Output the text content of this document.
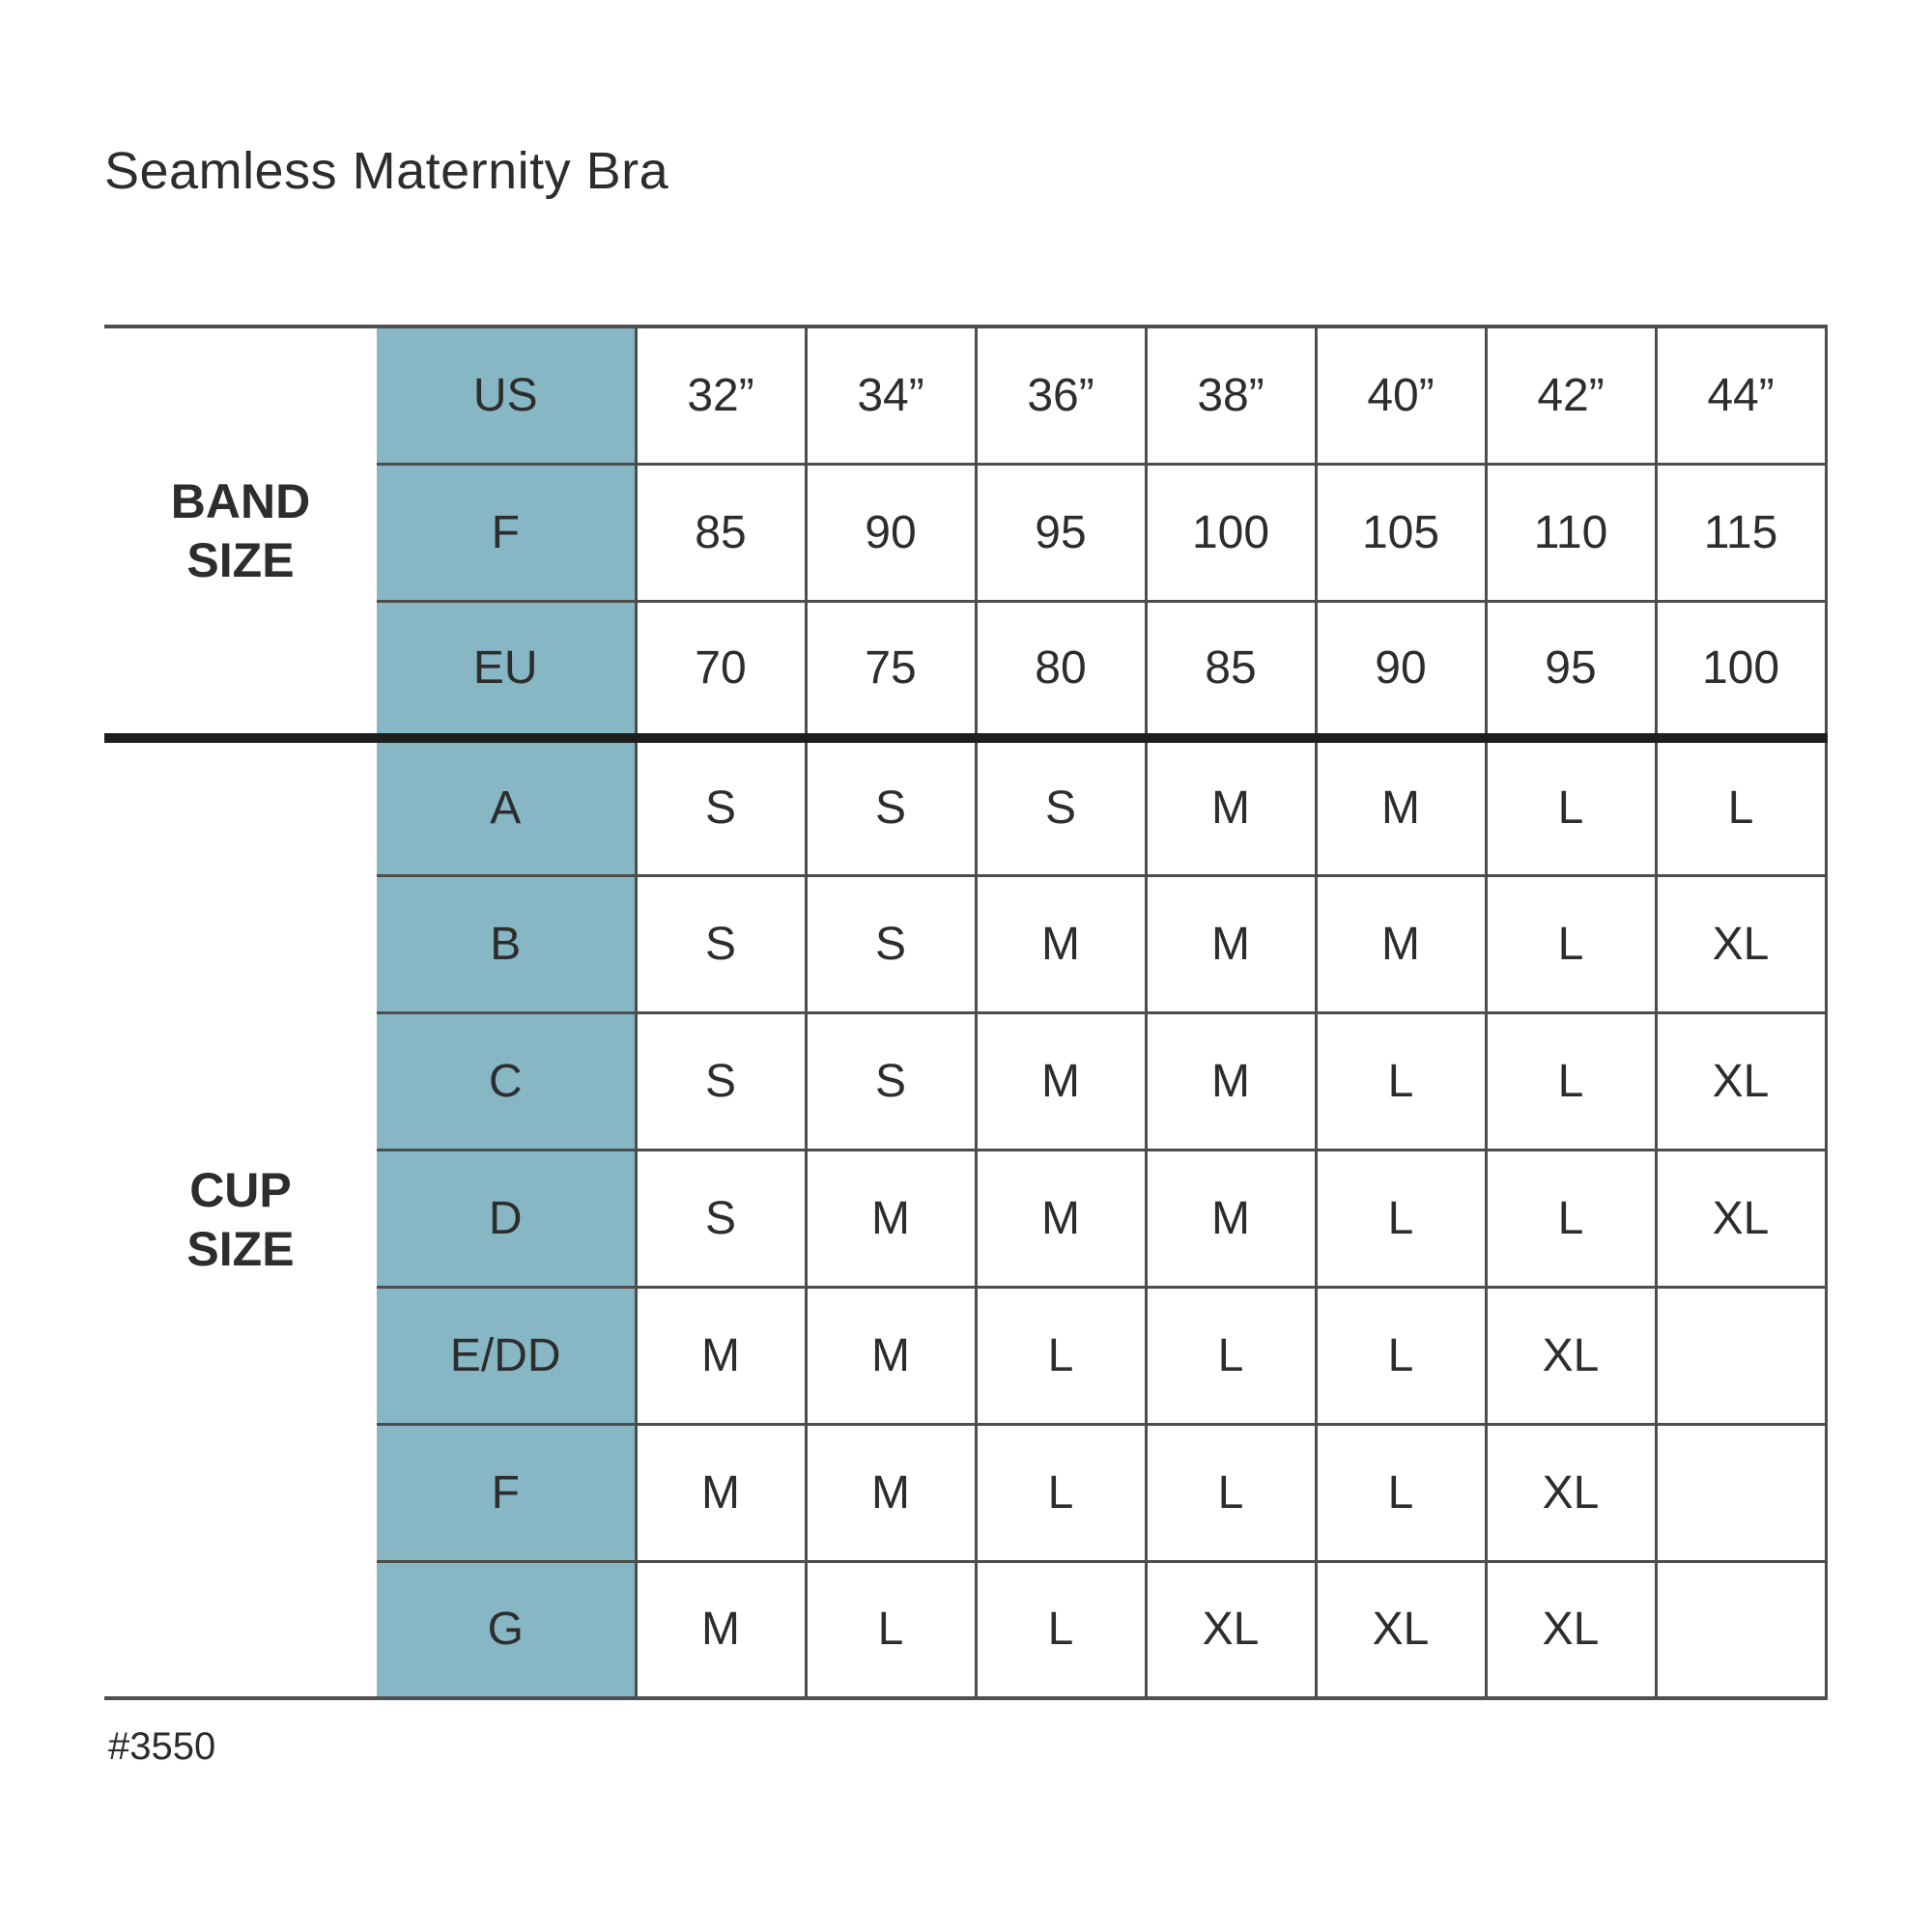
Seamless Maternity Bra
BAND SIZE	US	32”	34”	36”	38”	40”	42”	44”
	F	85	90	95	100	105	110	115
	EU	70	75	80	85	90	95	100
CUP SIZE	A	S	S	S	M	M	L	L
	B	S	S	M	M	M	L	XL
	C	S	S	M	M	L	L	XL
	D	S	M	M	M	L	L	XL
	E/DD	M	M	L	L	L	XL	
	F	M	M	L	L	L	XL	
	G	M	L	L	XL	XL	XL	
#3550
